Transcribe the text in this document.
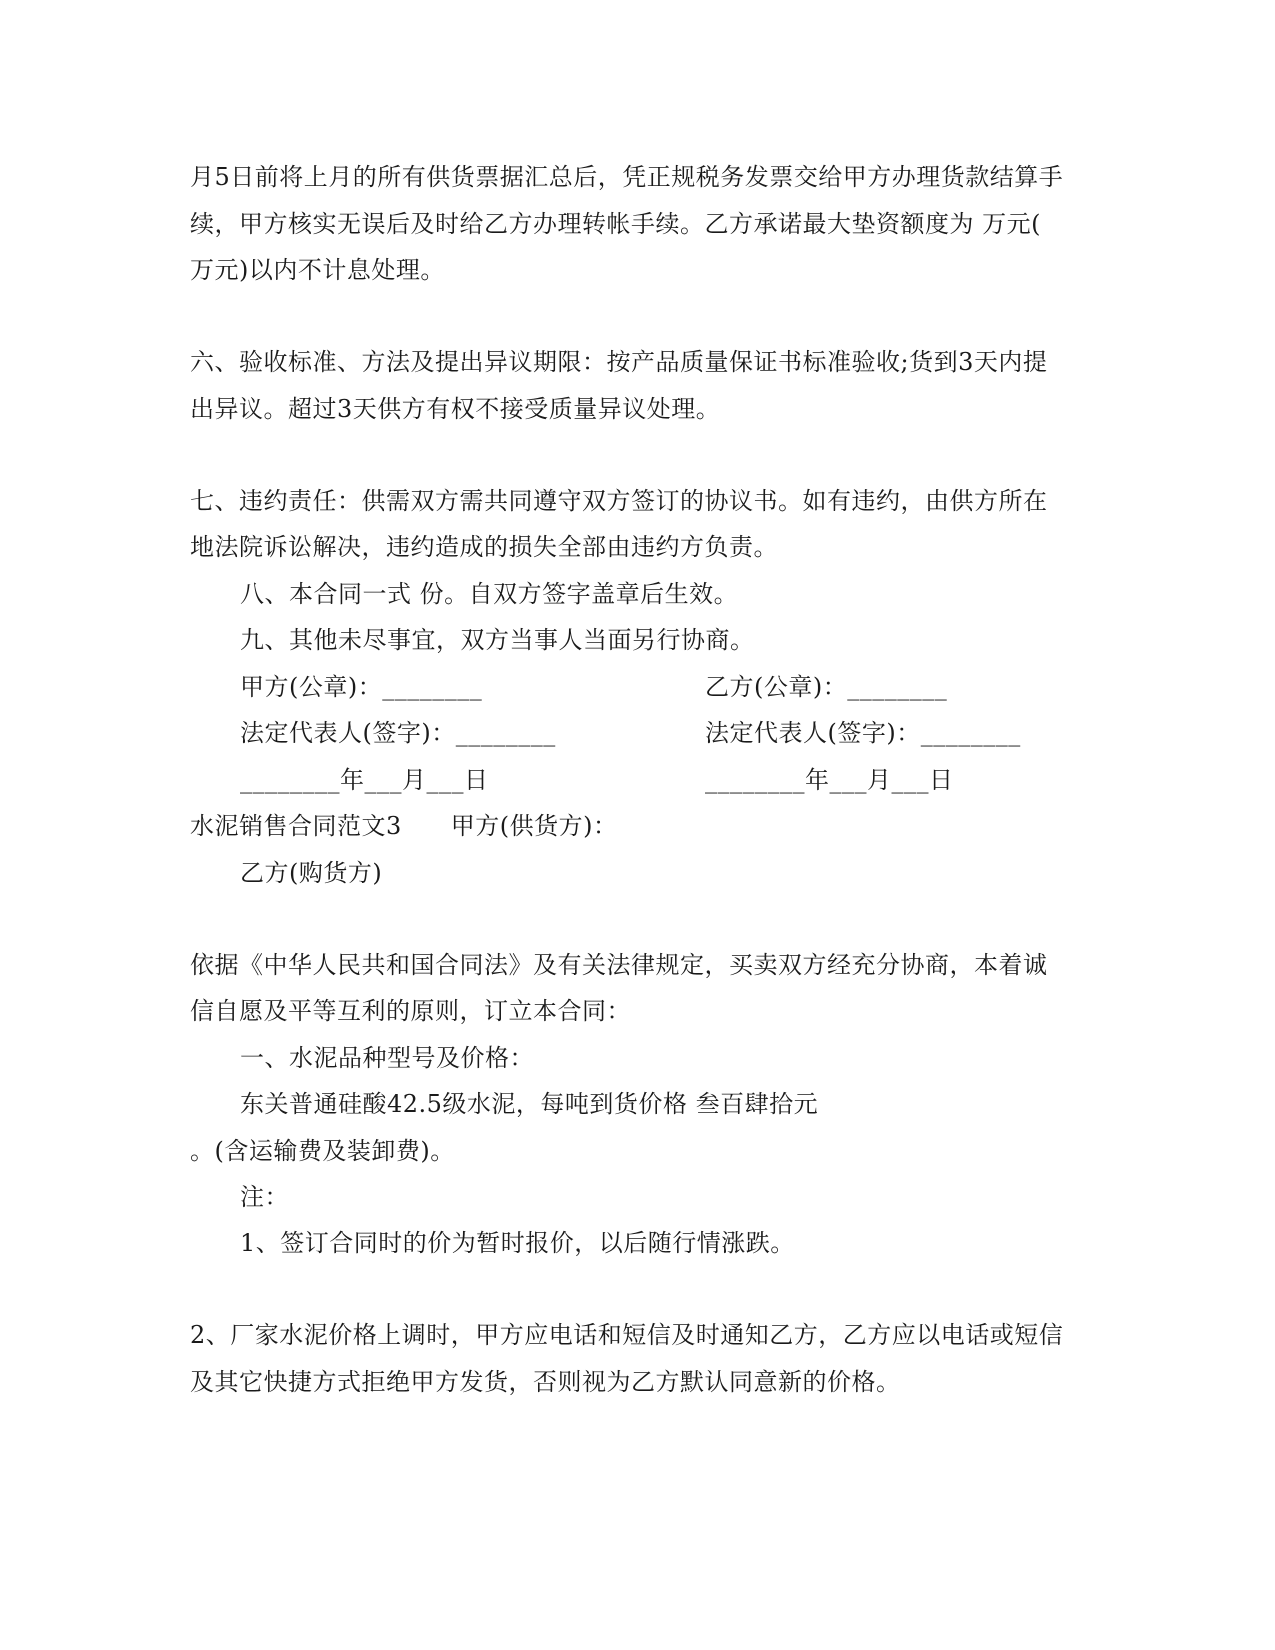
月5日前将上月的所有供货票据汇总后，凭正规税务发票交给甲方办理货款结算手
续，甲方核实无误后及时给乙方办理转帐手续。乙方承诺最大垫资额度为 万元(
万元)以内不计息处理。
六、验收标准、方法及提出异议期限：按产品质量保证书标准验收;货到3天内提
出异议。超过3天供方有权不接受质量异议处理。
七、违约责任：供需双方需共同遵守双方签订的协议书。如有违约，由供方所在
地法院诉讼解决，违约造成的损失全部由违约方负责。
八、本合同一式 份。自双方签字盖章后生效。
九、其他未尽事宜，双方当事人当面另行协商。
甲方(公章)：________	乙方(公章)：________
法定代表人(签字)：________	法定代表人(签字)：________
________年___月___日	________年___月___日
水泥销售合同范文3　　甲方(供货方)：
乙方(购货方)
依据《中华人民共和国合同法》及有关法律规定，买卖双方经充分协商，本着诚
信自愿及平等互利的原则，订立本合同：
一、水泥品种型号及价格：
东关普通硅酸42.5级水泥，每吨到货价格 叁百肆拾元
。(含运输费及装卸费)。
注：
1、签订合同时的价为暂时报价，以后随行情涨跌。
2、厂家水泥价格上调时，甲方应电话和短信及时通知乙方，乙方应以电话或短信
及其它快捷方式拒绝甲方发货，否则视为乙方默认同意新的价格。
